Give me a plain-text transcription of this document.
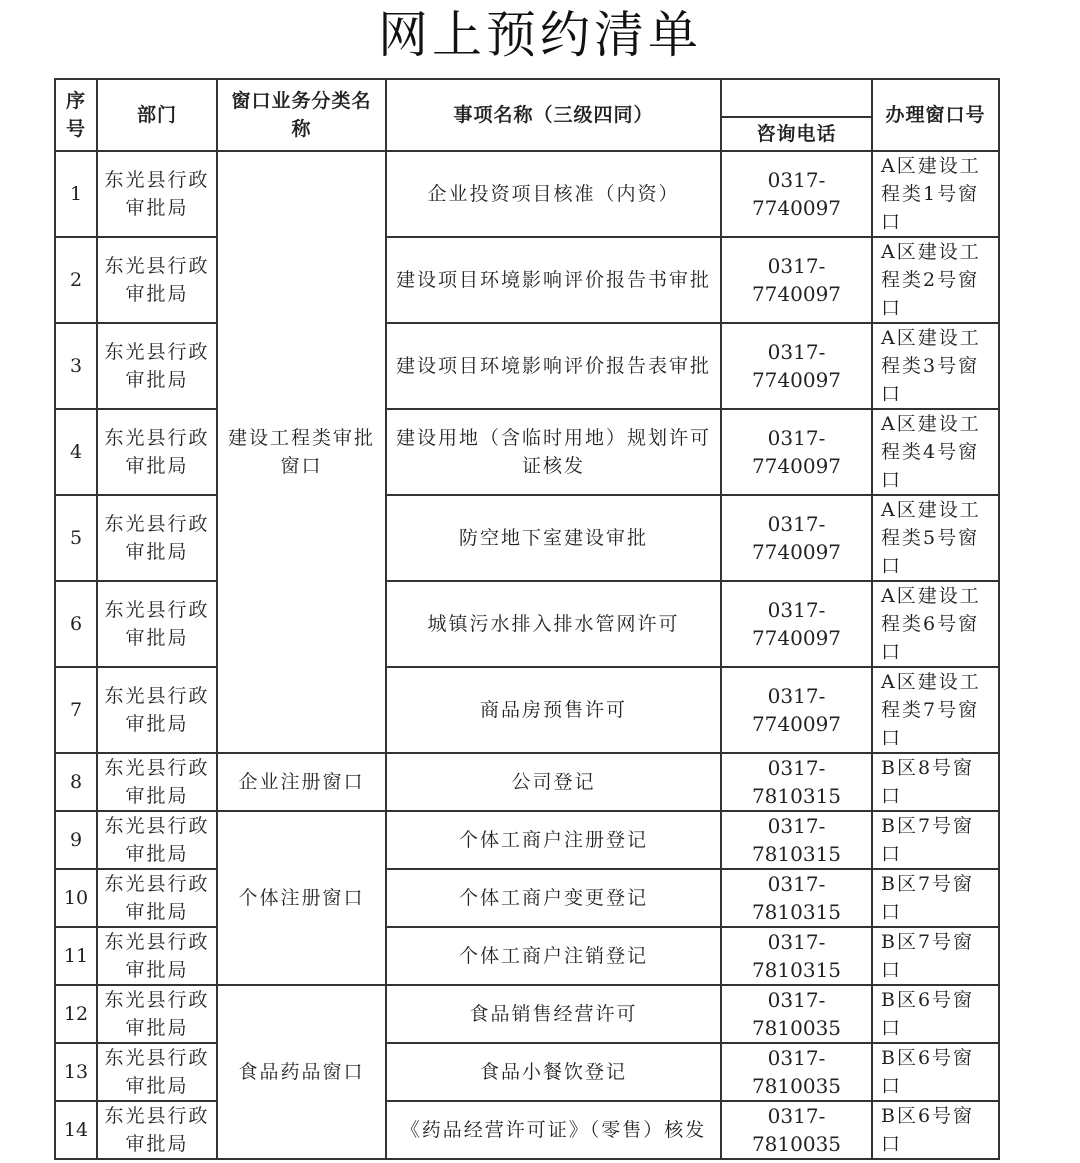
网上预约清单
序号	部门	窗口业务分类名称	事项名称（三级四同）		办理窗口号
				咨询电话	
1	东光县行政审批局	建设工程类审批窗口	企业投资项目核准（内资）	0317-7740097	A区建设工程类1号窗口
2	东光县行政审批局		建设项目环境影响评价报告书审批	0317-7740097	A区建设工程类2号窗口
3	东光县行政审批局		建设项目环境影响评价报告表审批	0317-7740097	A区建设工程类3号窗口
4	东光县行政审批局		建设用地（含临时用地）规划许可证核发	0317-7740097	A区建设工程类4号窗口
5	东光县行政审批局		防空地下室建设审批	0317-7740097	A区建设工程类5号窗口
6	东光县行政审批局		城镇污水排入排水管网许可	0317-7740097	A区建设工程类6号窗口
7	东光县行政审批局		商品房预售许可	0317-7740097	A区建设工程类7号窗口
8	东光县行政审批局	企业注册窗口	公司登记	0317-7810315	B区8号窗口
9	东光县行政审批局	个体注册窗口	个体工商户注册登记	0317-7810315	B区7号窗口
10	东光县行政审批局		个体工商户变更登记	0317-7810315	B区7号窗口
11	东光县行政审批局		个体工商户注销登记	0317-7810315	B区7号窗口
12	东光县行政审批局	食品药品窗口	食品销售经营许可	0317-7810035	B区6号窗口
13	东光县行政审批局		食品小餐饮登记	0317-7810035	B区6号窗口
14	东光县行政审批局		《药品经营许可证》（零售）核发	0317-7810035	B区6号窗口
